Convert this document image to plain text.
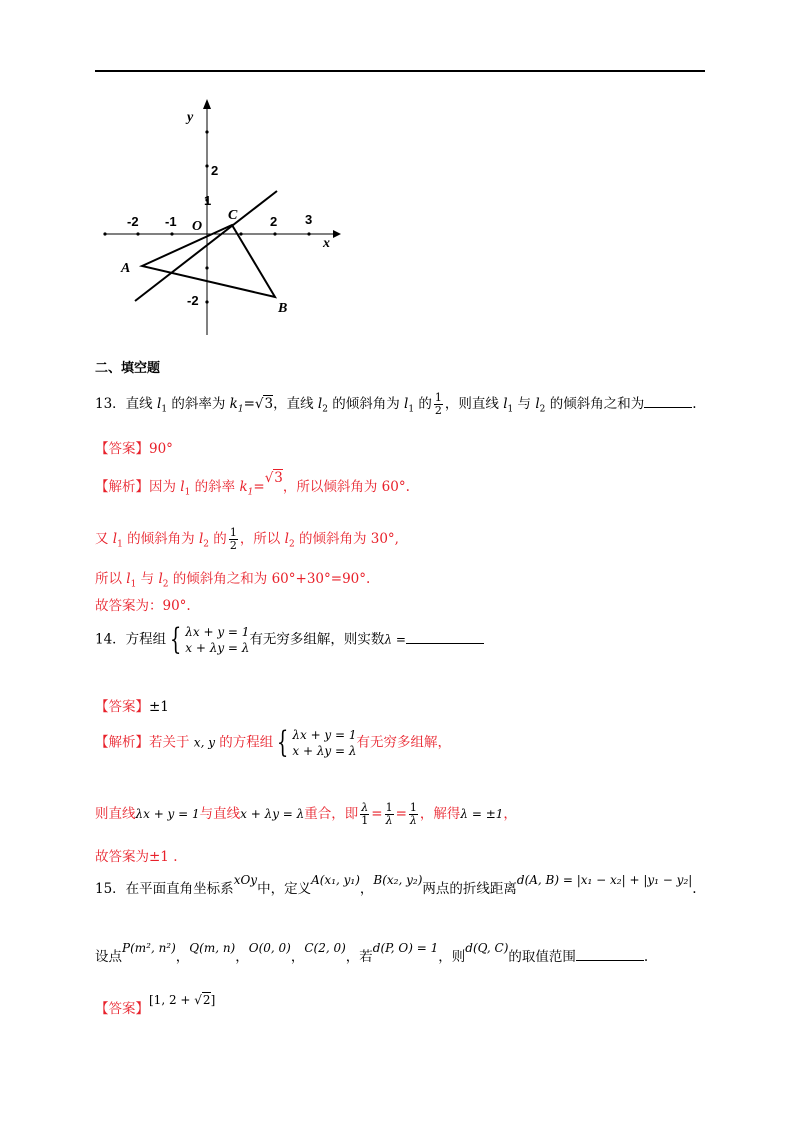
y
x
O
A
B
C
-2 -1	2 3
2
1
-2
二、填空题
13．直线 $l_1$ 的斜率为 $k_1=√3$，直线 $l_2$ 的倾斜角为 $l_1$ 的 $\frac{1}{2}$ ，则直线 $l_1$ 与 $l_2$ 的倾斜角之和为	.
【答案】90°
【解析】因为 $l_1$ 的斜率 $k_1=√3$，所以倾斜角为 60°.
又 $l_1$ 的倾斜角为 $l_2$ 的 $\frac{1}{2}$ ，所以 $l_2$ 的倾斜角为 30°,
所以 $l_1$ 与 $l_2$ 的倾斜角之和为 60°+30°=90°.
故答案为：90°.
14．方程组 { λx + y = 1
x + λy = λ
有无穷多组解，则实数λ =
【答案】±1
【解析】若关于 x, y 的方程组 { λx + y = 1
x + λy = λ
有无穷多组解，
则直线λx + y = 1与直线x + λy = λ重合，即 $\frac{\lambda}{1} = \frac{1}{\lambda} = \frac{1}{\lambda}$ ，解得λ = ±1，
故答案为±1 .
15．在平面直角坐标系xOy中，定义A(x₁, y₁)，B(x₂, y₂)两点的折线距离d(A, B) = |x₁ − x₂| + |y₁ − y₂|.
设点P(m², n²)，Q(m, n)，O(0, 0)，C(2, 0)，若d(P, O) = 1，则d(Q, C)的取值范围	.
【答案】[1, 2 + √2]
